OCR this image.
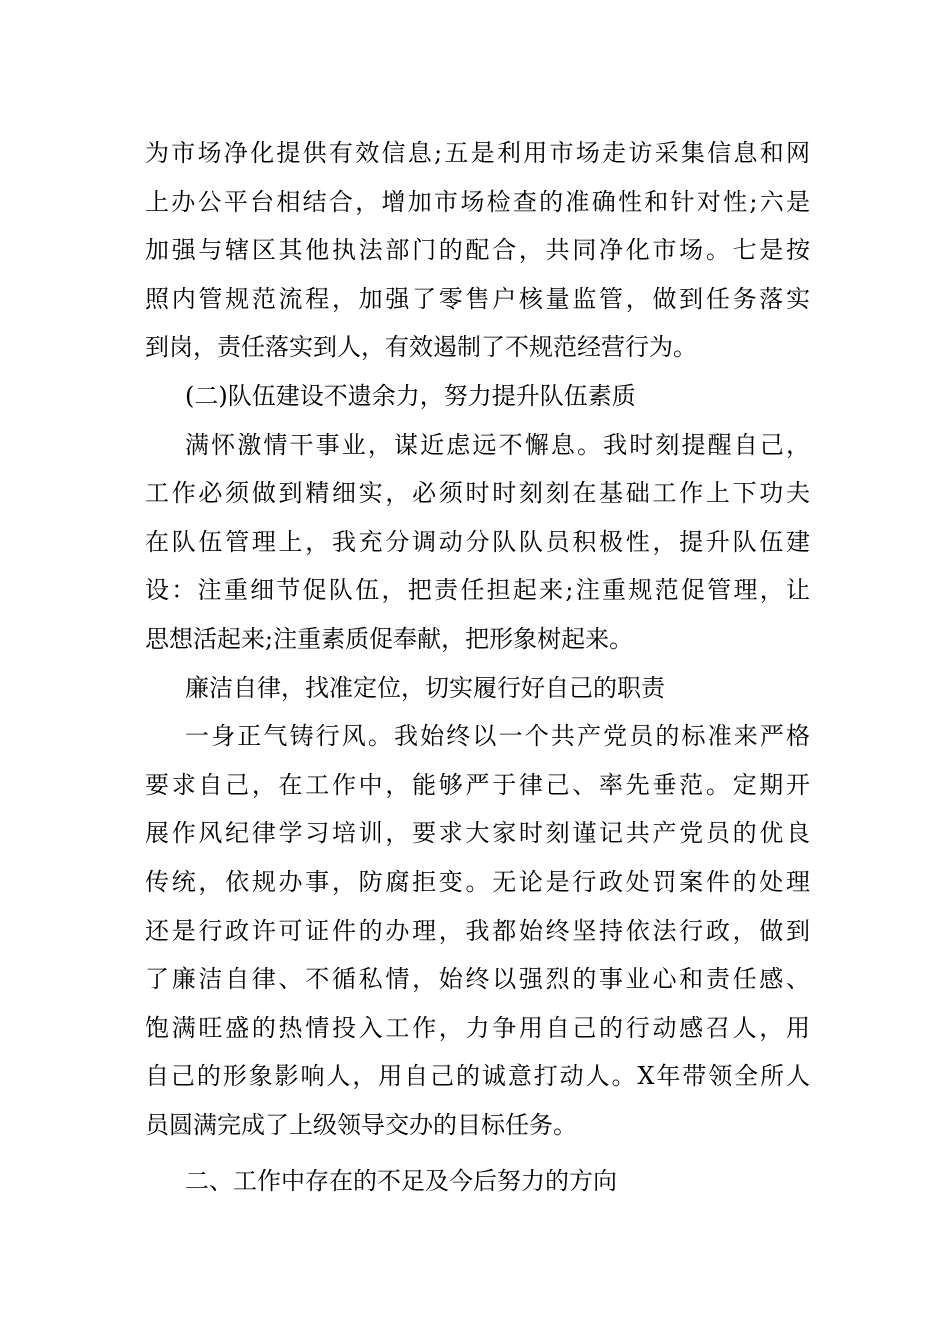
为市场净化提供有效信息;五是利用市场走访采集信息和网
上办公平台相结合，增加市场检查的准确性和针对性;六是
加强与辖区其他执法部门的配合，共同净化市场。七是按
照内管规范流程，加强了零售户核量监管，做到任务落实
到岗，责任落实到人，有效遏制了不规范经营行为。
(二)队伍建设不遗余力，努力提升队伍素质
满怀激情干事业，谋近虑远不懈息。我时刻提醒自己，
工作必须做到精细实，必须时时刻刻在基础工作上下功夫
在队伍管理上，我充分调动分队队员积极性，提升队伍建
设：注重细节促队伍，把责任担起来;注重规范促管理，让
思想活起来;注重素质促奉献，把形象树起来。
廉洁自律，找准定位，切实履行好自己的职责
一身正气铸行风。我始终以一个共产党员的标准来严格
要求自己，在工作中，能够严于律己、率先垂范。定期开
展作风纪律学习培训，要求大家时刻谨记共产党员的优良
传统，依规办事，防腐拒变。无论是行政处罚案件的处理
还是行政许可证件的办理，我都始终坚持依法行政，做到
了廉洁自律、不循私情，始终以强烈的事业心和责任感、
饱满旺盛的热情投入工作，力争用自己的行动感召人，用
自己的形象影响人，用自己的诚意打动人。X年带领全所人
员圆满完成了上级领导交办的目标任务。
二、工作中存在的不足及今后努力的方向
